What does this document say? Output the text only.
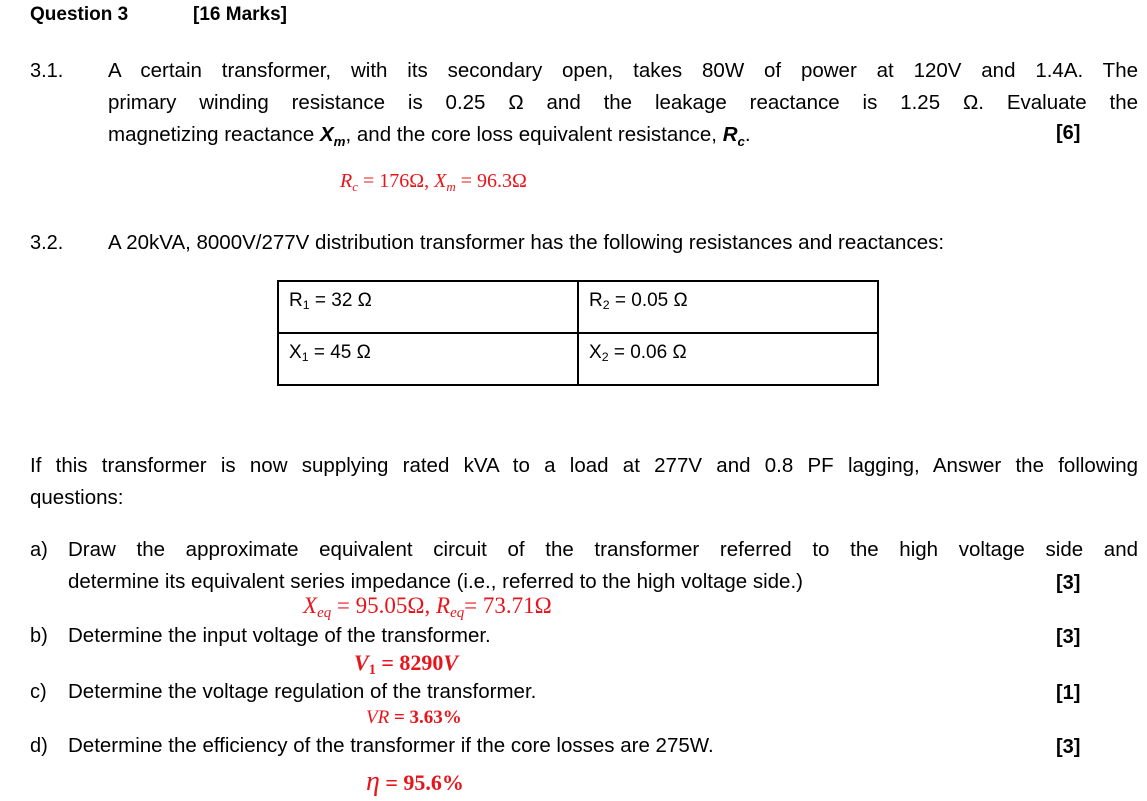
Question 3	[16 Marks]
3.1. A certain transformer, with its secondary open, takes 80W of power at 120V and 1.4A. The
primary winding resistance is 0.25 Ω and the leakage reactance is 1.25 Ω. Evaluate the
magnetizing reactance $X_m$, and the core loss equivalent resistance, $R_c$.	[6]
$R_c = 176\Omega$, $X_m = 96.3\Omega$
3.2. A 20kVA, 8000V/277V distribution transformer has the following resistances and reactances:
$R_1 = 32$ Ω	$R_2 = 0.05$ Ω
$X_1 = 45$ Ω	$X_2 = 0.06$ Ω
If this transformer is now supplying rated kVA to a load at 277V and 0.8 PF lagging, Answer the following
questions:
a) Draw the approximate equivalent circuit of the transformer referred to the high voltage side and
determine its equivalent series impedance (i.e., referred to the high voltage side.)	[3]
$X_{eq} = 95.05\Omega$, $R_{eq}= 73.71\Omega$
b) Determine the input voltage of the transformer.	[3]
$V_1 = 8290V$
c) Determine the voltage regulation of the transformer.	[1]
VR = 3.63%
d) Determine the efficiency of the transformer if the core losses are 275W.	[3]
η = 95.6%
